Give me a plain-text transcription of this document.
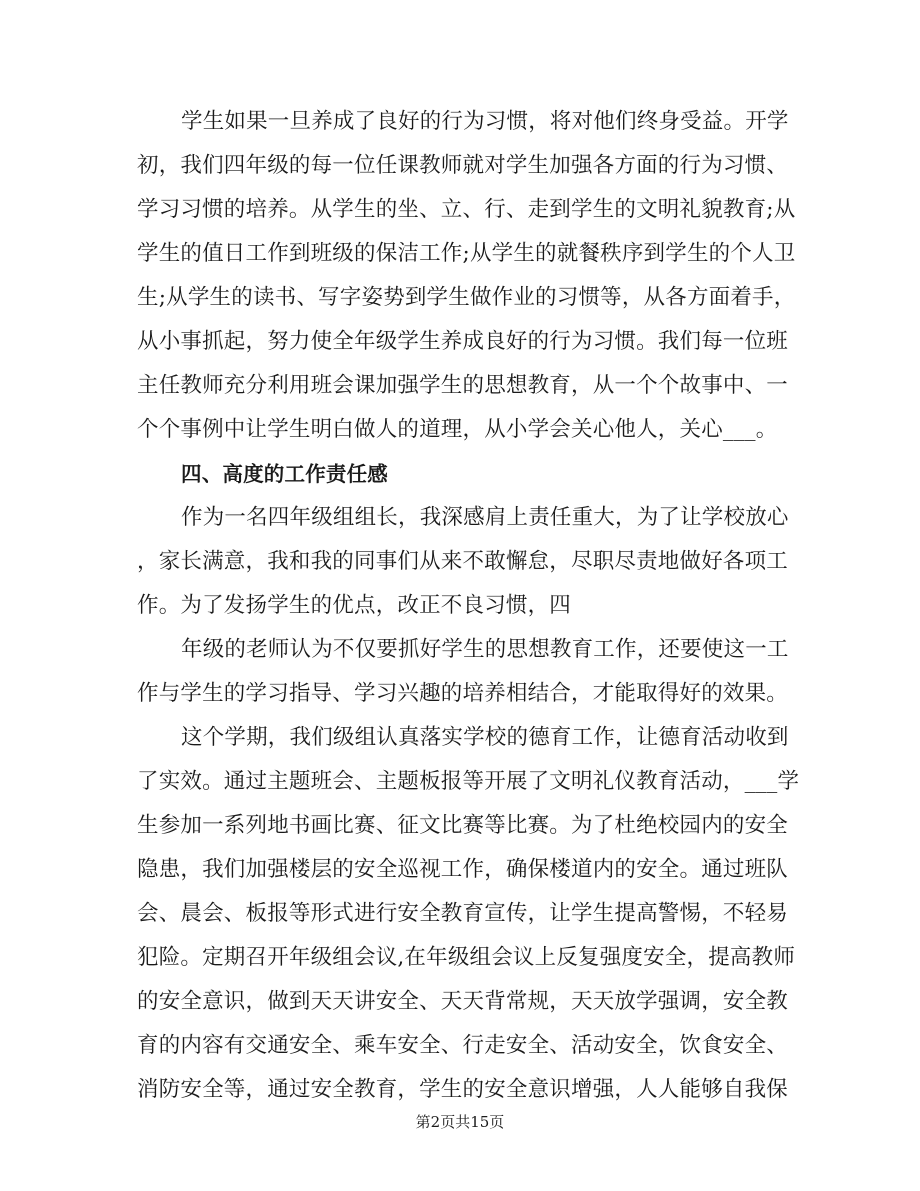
学生如果一旦养成了良好的行为习惯，将对他们终身受益。开学
初，我们四年级的每一位任课教师就对学生加强各方面的行为习惯、
学习习惯的培养。从学生的坐、立、行、走到学生的文明礼貌教育;从
学生的值日工作到班级的保洁工作;从学生的就餐秩序到学生的个人卫
生;从学生的读书、写字姿势到学生做作业的习惯等，从各方面着手，
从小事抓起，努力使全年级学生养成良好的行为习惯。我们每一位班
主任教师充分利用班会课加强学生的思想教育，从一个个故事中、一
个个事例中让学生明白做人的道理，从小学会关心他人，关心___。
四、高度的工作责任感
作为一名四年级组组长，我深感肩上责任重大，为了让学校放心
，家长满意，我和我的同事们从来不敢懈怠，尽职尽责地做好各项工
作。为了发扬学生的优点，改正不良习惯，四
年级的老师认为不仅要抓好学生的思想教育工作，还要使这一工
作与学生的学习指导、学习兴趣的培养相结合，才能取得好的效果。
这个学期，我们级组认真落实学校的德育工作，让德育活动收到
了实效。通过主题班会、主题板报等开展了文明礼仪教育活动，___学
生参加一系列地书画比赛、征文比赛等比赛。为了杜绝校园内的安全
隐患，我们加强楼层的安全巡视工作，确保楼道内的安全。通过班队
会、晨会、板报等形式进行安全教育宣传，让学生提高警惕，不轻易
犯险。定期召开年级组会议,在年级组会议上反复强度安全，提高教师
的安全意识，做到天天讲安全、天天背常规，天天放学强调，安全教
育的内容有交通安全、乘车安全、行走安全、活动安全，饮食安全、
消防安全等，通过安全教育，学生的安全意识增强，人人能够自我保
第2页共15页
